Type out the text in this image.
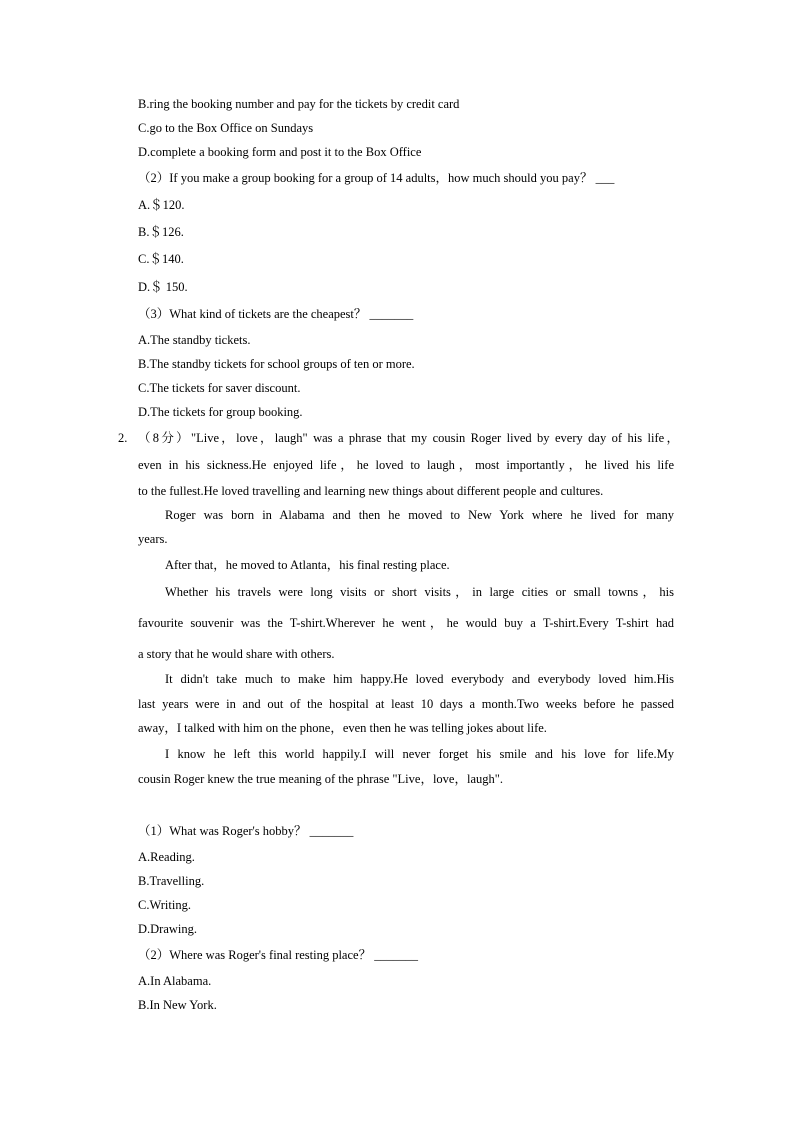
B.ring the booking number and pay for the tickets by credit card
C.go to the Box Office on Sundays
D.complete a booking form and post it to the Box Office
（2）If you make a group booking for a group of 14 adults，how much should you pay？ ___
A.＄120.
B.＄126.
C.＄140.
D.＄ 150.
（3）What kind of tickets are the cheapest？ _______
A.The standby tickets.
B.The standby tickets for school groups of ten or more.
C.The tickets for saver discount.
D.The tickets for group booking.
2. （8分）"Live，love，laugh" was a phrase that my cousin Roger lived by every day of his life，
even in his sickness.He enjoyed life，he loved to laugh，most importantly，he lived his life
to the fullest.He loved travelling and learning new things about different people and cultures.
Roger was born in Alabama and then he moved to New York where he lived for many
years.
After that，he moved to Atlanta，his final resting place.
Whether his travels were long visits or short visits，in large cities or small towns，his
favourite souvenir was the T-shirt.Wherever he went，he would buy a T-shirt.Every T-shirt had
a story that he would share with others.
It didn't take much to make him happy.He loved everybody and everybody loved him.His
last years were in and out of the hospital at least 10 days a month.Two weeks before he passed
away，I talked with him on the phone，even then he was telling jokes about life.
I know he left this world happily.I will never forget his smile and his love for life.My
cousin Roger knew the true meaning of the phrase "Live，love，laugh".
（1）What was Roger's hobby？ _______
A.Reading.
B.Travelling.
C.Writing.
D.Drawing.
（2）Where was Roger's final resting place？ _______
A.In Alabama.
B.In New York.
